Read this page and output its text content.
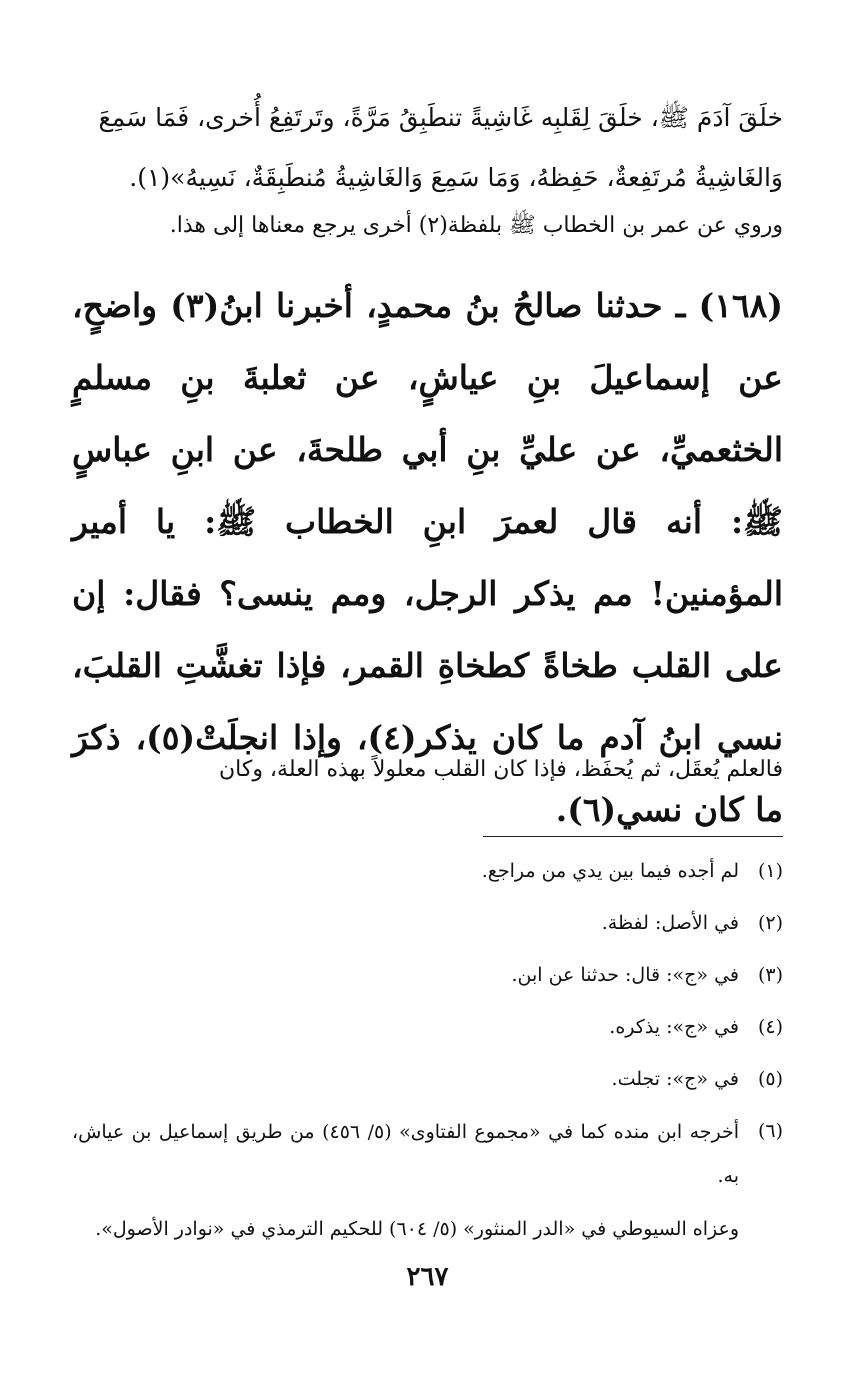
خلَقَ آدَمَ ﷺ، خلَقَ لِقَلبِه غَاشِيةً تنطَبِقُ مَرَّةً، وتَرتَفِعُ أُخرى، فَمَا سَمِعَ
وَالغَاشِيةُ مُرتَفِعةٌ، حَفِظهُ، وَمَا سَمِعَ وَالغَاشِيةُ مُنطَبِقَةٌ، نَسِيهُ»(١).
وروي عن عمر بن الخطاب ﷺ بلفظة(٢) أخرى يرجع معناها إلى هذا.
(١٦٨) ـ حدثنا صالحُ بنُ محمدٍ، أخبرنا ابنُ(٣) واضحٍ، عن إسماعيلَ بنِ عياشٍ، عن ثعلبةَ بنِ مسلمٍ الخثعميِّ، عن عليِّ بنِ أبي طلحةَ، عن ابنِ عباسٍ ﷺ: أنه قال لعمرَ ابنِ الخطاب ﷺ: يا أمير المؤمنين! مم يذكر الرجل، ومم ينسى؟ فقال: إن على القلب طخاةً كطخاةِ القمر، فإذا تغشَّتِ القلبَ، نسي ابنُ آدم ما كان يذكر(٤)، وإذا انجلَتْ(٥)، ذكرَ ما كان نسي(٦).
فالعلم يُعقَل، ثم يُحفَظ، فإذا كان القلب معلولاً بهذه العلة، وكان
(١)
لم أجده فيما بين يدي من مراجع.
(٢)
في الأصل: لفظة.
(٣)
في «ج»: قال: حدثنا عن ابن.
(٤)
في «ج»: يذكره.
(٥)
في «ج»: تجلت.
(٦)
أخرجه ابن منده كما في «مجموع الفتاوى» (٥/ ٤٥٦) من طريق إسماعيل بن عياش، به.
وعزاه السيوطي في «الدر المنثور» (٥/ ٦٠٤) للحكيم الترمذي في «نوادر الأصول».
٢٦٧
